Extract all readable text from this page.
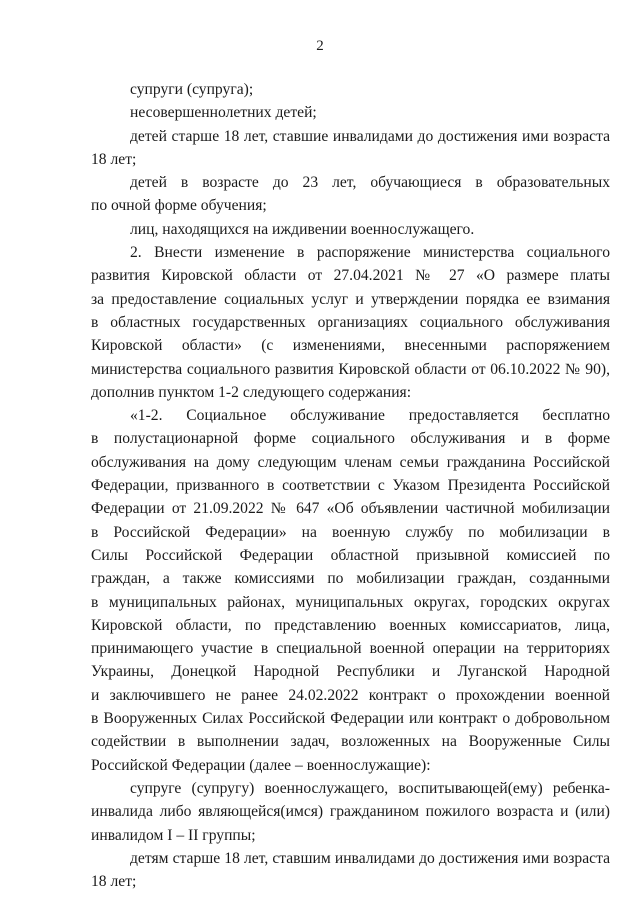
2
супруги (супруга);
несовершеннолетних детей;
детей старше 18 лет, ставшие инвалидами до достижения ими возраста
18 лет;
детей в возрасте до 23 лет, обучающиеся в образовательных
по очной форме обучения;
лиц, находящихся на иждивении военнослужащего.
2. Внести изменение в распоряжение министерства социального
развития Кировской области от 27.04.2021 № 27 «О размере платы
за предоставление социальных услуг и утверждении порядка ее взимания
в областных государственных организациях социального обслуживания
Кировской области» (с изменениями, внесенными распоряжением
министерства социального развития Кировской области от 06.10.2022 № 90),
дополнив пунктом 1-2 следующего содержания:
«1-2. Социальное обслуживание предоставляется бесплатно
в полустационарной форме социального обслуживания и в форме
обслуживания на дому следующим членам семьи гражданина Российской
Федерации, призванного в соответствии с Указом Президента Российской
Федерации от 21.09.2022 № 647 «Об объявлении частичной мобилизации
в Российской Федерации» на военную службу по мобилизации в
Силы Российской Федерации областной призывной комиссией по
граждан, а также комиссиями по мобилизации граждан, созданными
в муниципальных районах, муниципальных округах, городских округах
Кировской области, по представлению военных комиссариатов, лица,
принимающего участие в специальной военной операции на территориях
Украины, Донецкой Народной Республики и Луганской Народной
и заключившего не ранее 24.02.2022 контракт о прохождении военной
в Вооруженных Силах Российской Федерации или контракт о добровольном
содействии в выполнении задач, возложенных на Вооруженные Силы
Российской Федерации (далее – военнослужащие):
супруге (супругу) военнослужащего, воспитывающей(ему) ребенка-
инвалида либо являющейся(имся) гражданином пожилого возраста и (или)
инвалидом I – II группы;
детям старше 18 лет, ставшим инвалидами до достижения ими возраста
18 лет;
